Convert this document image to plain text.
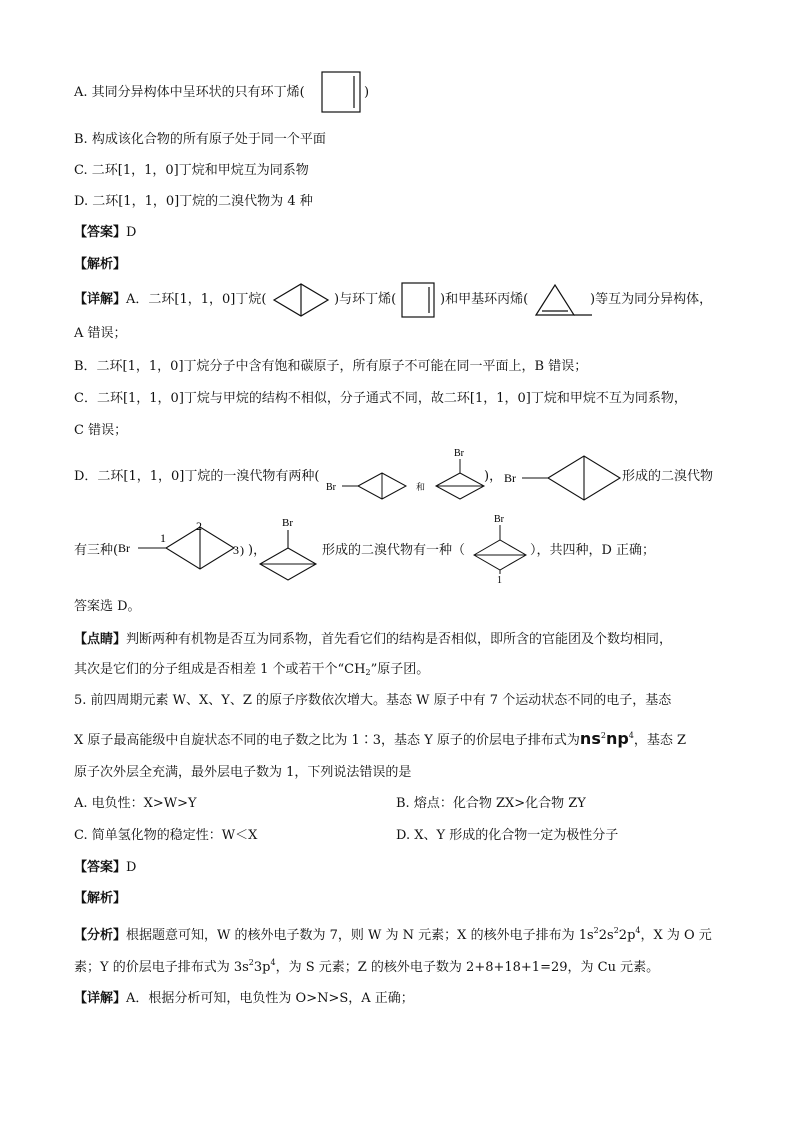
A. 其同分异构体中呈环状的只有环丁烯(	)
B. 构成该化合物的所有原子处于同一个平面
C. 二环[1，1，0]丁烷和甲烷互为同系物
D. 二环[1，1，0]丁烷的二溴代物为 4 种
【答案】D
【解析】
【详解】A．二环[1，1，0]丁烷(	)与环丁烯(	)和甲基环丙烯(	)等互为同分异构体，
A 错误；
B．二环[1，1，0]丁烷分子中含有饱和碳原子，所有原子不可能在同一平面上，B 错误；
C．二环[1，1，0]丁烷与甲烷的结构不相似，分子通式不同，故二环[1，1，0]丁烷和甲烷不互为同系物，
C 错误；
D．二环[1，1，0]丁烷的一溴代物有两种(
Br	和
Br
)， Br	形成的二溴代物
有三种( Br
1
2
3 ) )，
Br
形成的二溴代物有一种（
Br
1
），共四种，D 正确；
答案选 D。
【点睛】判断两种有机物是否互为同系物，首先看它们的结构是否相似，即所含的官能团及个数均相同，
其次是它们的分子组成是否相差 1 个或若干个“$CH_2$”原子团。
5. 前四周期元素 W、X、Y、Z 的原子序数依次增大。基态 W 原子中有 7 个运动状态不同的电子，基态
X 原子最高能级中自旋状态不同的电子数之比为 1∶3，基态 Y 原子的价层电子排布式为$ns^2np^4$，基态 Z
原子次外层全充满，最外层电子数为 1，下列说法错误的是
A. 电负性：X>W>Y	B. 熔点：化合物 ZX>化合物 ZY
C. 简单氢化物的稳定性：W＜X	D. X、Y 形成的化合物一定为极性分子
【答案】D
【解析】
【分析】根据题意可知，W 的核外电子数为 7，则 W 为 N 元素；X 的核外电子排布为 $1s^22s^22p^4$，X 为 O 元
素；Y 的价层电子排布式为 $3s^23p^4$，为 S 元素；Z 的核外电子数为 2+8+18+1=29，为 Cu 元素。
【详解】A．根据分析可知，电负性为 O>N>S，A 正确；
